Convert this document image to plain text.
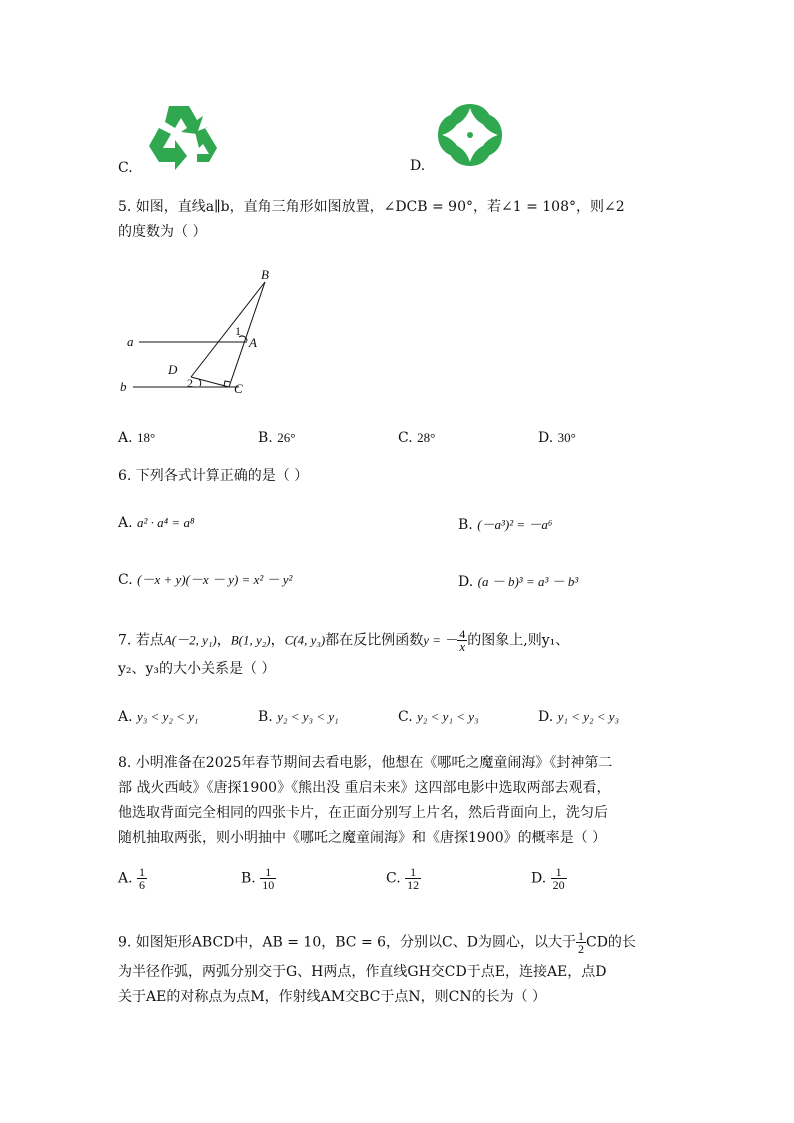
C.	D.
5. 如图，直线a∥b，直角三角形如图放置，∠DCB = 90°，若∠1 = 108°，则∠2
的度数为（ ）
B
A
a
b
D
C
1
2
A. 18°	B. 26°	C. 28°	D. 30°
6. 下列各式计算正确的是（ ）
A. a² · a⁴ = a⁸	B. (－a³)² = －a⁶
C. (－x + y)(－x － y) = x² － y²	D. (a － b)³ = a³ － b³
7. 若点A(－2, y₁)，B(1, y₂)，C(4, y₃)都在反比例函数y = － $\frac{4}{x}$ 的图象上,则y₁、
y₂、y₃的大小关系是（ ）
A. y₃ < y₂ < y₁	B. y₂ < y₃ < y₁	C. y₂ < y₁ < y₃	D. y₁ < y₂ < y₃
8. 小明准备在2025年春节期间去看电影，他想在《哪吒之魔童闹海》《封神第二
部 战火西岐》《唐探1900》《熊出没 重启未来》这四部电影中选取两部去观看，
他选取背面完全相同的四张卡片，在正面分别写上片名，然后背面向上，洗匀后
随机抽取两张，则小明抽中《哪吒之魔童闹海》和《唐探1900》的概率是（ ）
A. $\frac{1}{6}$	B. $\frac{1}{10}$	C. $\frac{1}{12}$	D. $\frac{1}{20}$
9. 如图矩形ABCD中，AB = 10，BC = 6，分别以C、D为圆心，以大于 $\frac{1}{2}$ CD的长
为半径作弧，两弧分别交于G、H两点，作直线GH交CD于点E，连接AE，点D
关于AE的对称点为点M，作射线AM交BC于点N，则CN的长为（ ）
